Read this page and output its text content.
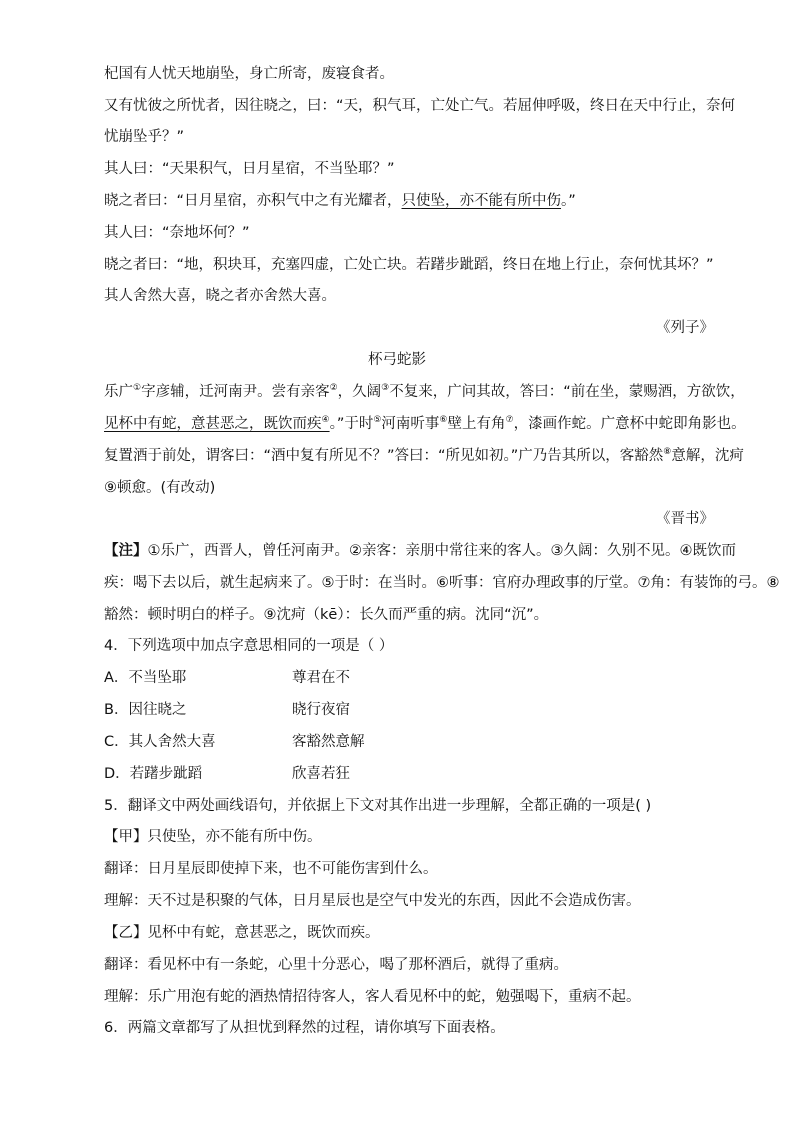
杞国有人忧天地崩坠，身亡所寄，废寝食者。
又有忧彼之所忧者，因往晓之，曰：“天，积气耳，亡处亡气。若屈伸呼吸，终日在天中行止，奈何
忧崩坠乎？”
其人曰：“天果积气，日月星宿，不当坠耶？”
晓之者曰：“日月星宿，亦积气中之有光耀者，只使坠，亦不能有所中伤。”
其人曰：“奈地坏何？”
晓之者曰：“地，积块耳，充塞四虚，亡处亡块。若躇步跐蹈，终日在地上行止，奈何忧其坏？”
其人舍然大喜，晓之者亦舍然大喜。
《列子》
杯弓蛇影
乐广①字彦辅，迁河南尹。尝有亲客②，久阔③不复来，广问其故，答曰：“前在坐，蒙赐酒，方欲饮，
见杯中有蛇，意甚恶之，既饮而疾④。”于时⑤河南听事⑥壁上有角⑦，漆画作蛇。广意杯中蛇即角影也。
复置酒于前处，谓客曰：“酒中复有所见不？”答曰：“所见如初。”广乃告其所以，客豁然⑧意解，沈疴
⑨顿愈。(有改动)
《晋书》
【注】①乐广，西晋人，曾任河南尹。②亲客：亲朋中常往来的客人。③久阔：久别不见。④既饮而
疾：喝下去以后，就生起病来了。⑤于时：在当时。⑥听事：官府办理政事的厅堂。⑦角：有装饰的弓。⑧
豁然：顿时明白的样子。⑨沈疴（kē）：长久而严重的病。沈同“沉”。
4．下列选项中加点字意思相同的一项是（ ）
A．不当坠耶	尊君在不
B．因往晓之	晓行夜宿
C．其人舍然大喜	客豁然意解
D．若躇步跐蹈	欣喜若狂
5．翻译文中两处画线语句，并依据上下文对其作出进一步理解，全都正确的一项是( )
【甲】只使坠，亦不能有所中伤。
翻译：日月星辰即使掉下来，也不可能伤害到什么。
理解：天不过是积聚的气体，日月星辰也是空气中发光的东西，因此不会造成伤害。
【乙】见杯中有蛇，意甚恶之，既饮而疾。
翻译：看见杯中有一条蛇，心里十分恶心，喝了那杯酒后，就得了重病。
理解：乐广用泡有蛇的酒热情招待客人，客人看见杯中的蛇，勉强喝下，重病不起。
6．两篇文章都写了从担忧到释然的过程，请你填写下面表格。
